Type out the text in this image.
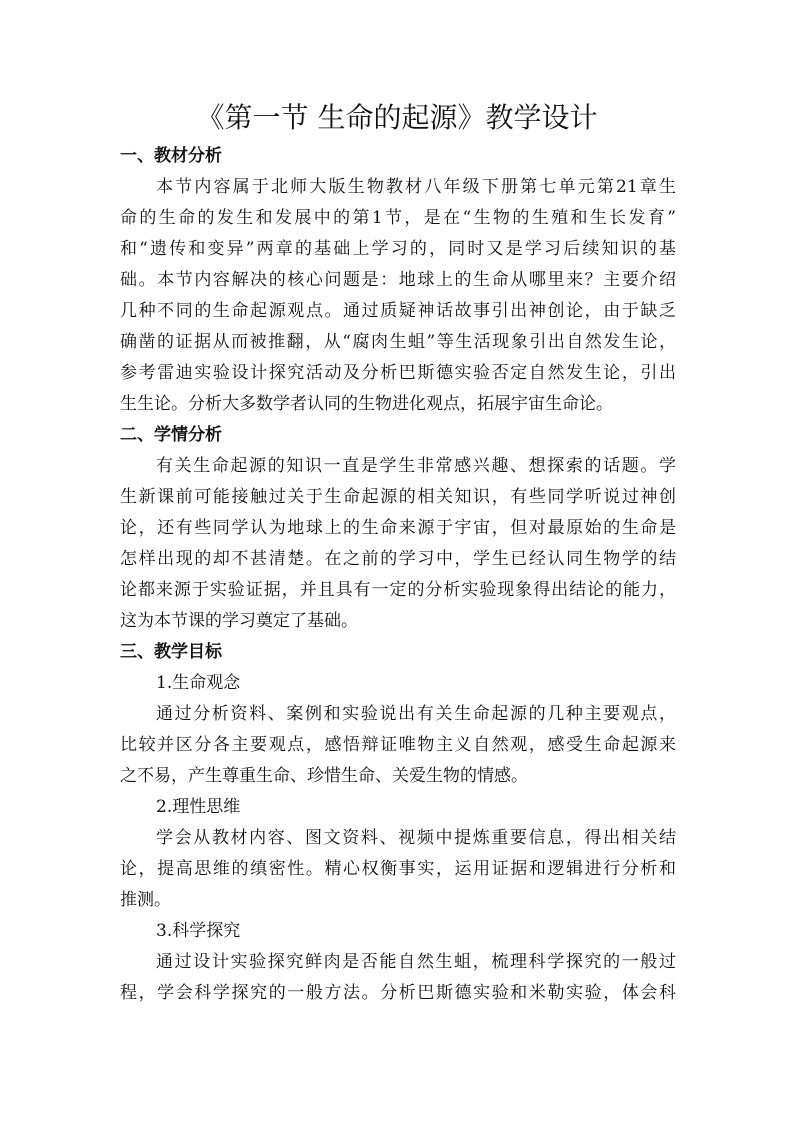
《第一节 生命的起源》教学设计
一、教材分析
本节内容属于北师大版生物教材八年级下册第七单元第21章生
命的生命的发生和发展中的第1节，是在“生物的生殖和生长发育”
和“遗传和变异”两章的基础上学习的，同时又是学习后续知识的基
础。本节内容解决的核心问题是：地球上的生命从哪里来？主要介绍
几种不同的生命起源观点。通过质疑神话故事引出神创论，由于缺乏
确凿的证据从而被推翻，从“腐肉生蛆”等生活现象引出自然发生论，
参考雷迪实验设计探究活动及分析巴斯德实验否定自然发生论，引出
生生论。分析大多数学者认同的生物进化观点，拓展宇宙生命论。
二、学情分析
有关生命起源的知识一直是学生非常感兴趣、想探索的话题。学
生新课前可能接触过关于生命起源的相关知识，有些同学听说过神创
论，还有些同学认为地球上的生命来源于宇宙，但对最原始的生命是
怎样出现的却不甚清楚。在之前的学习中，学生已经认同生物学的结
论都来源于实验证据，并且具有一定的分析实验现象得出结论的能力，
这为本节课的学习奠定了基础。
三、教学目标
1.生命观念
通过分析资料、案例和实验说出有关生命起源的几种主要观点，
比较并区分各主要观点，感悟辩证唯物主义自然观，感受生命起源来
之不易，产生尊重生命、珍惜生命、关爱生物的情感。
2.理性思维
学会从教材内容、图文资料、视频中提炼重要信息，得出相关结
论，提高思维的缜密性。精心权衡事实，运用证据和逻辑进行分析和
推测。
3.科学探究
通过设计实验探究鲜肉是否能自然生蛆，梳理科学探究的一般过
程，学会科学探究的一般方法。分析巴斯德实验和米勒实验，体会科
